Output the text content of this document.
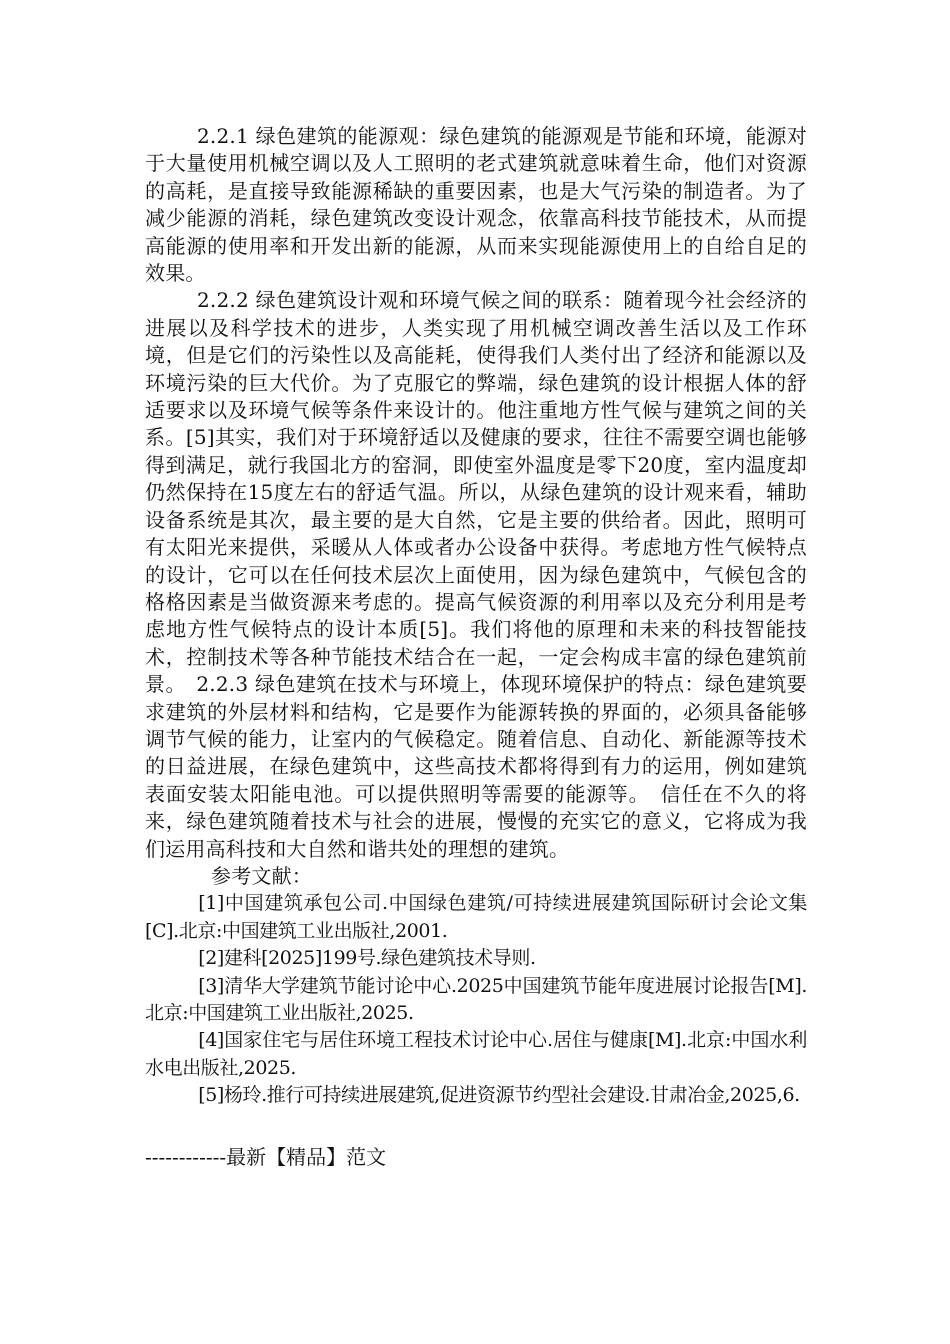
2.2.1 绿色建筑的能源观：绿色建筑的能源观是节能和环境，能源对于大量使用机械空调以及人工照明的老式建筑就意味着生命，他们对资源的高耗，是直接导致能源稀缺的重要因素，也是大气污染的制造者。为了减少能源的消耗，绿色建筑改变设计观念，依靠高科技节能技术，从而提高能源的使用率和开发出新的能源，从而来实现能源使用上的自给自足的效果。

2.2.2 绿色建筑设计观和环境气候之间的联系：随着现今社会经济的进展以及科学技术的进步，人类实现了用机械空调改善生活以及工作环境，但是它们的污染性以及高能耗，使得我们人类付出了经济和能源以及环境污染的巨大代价。为了克服它的弊端，绿色建筑的设计根据人体的舒适要求以及环境气候等条件来设计的。他注重地方性气候与建筑之间的关系。[5]其实，我们对于环境舒适以及健康的要求，往往不需要空调也能够得到满足，就行我国北方的窑洞，即使室外温度是零下20度，室内温度却仍然保持在15度左右的舒适气温。所以，从绿色建筑的设计观来看，辅助设备系统是其次，最主要的是大自然，它是主要的供给者。因此，照明可有太阳光来提供，采暖从人体或者办公设备中获得。考虑地方性气候特点的设计，它可以在任何技术层次上面使用，因为绿色建筑中，气候包含的格格因素是当做资源来考虑的。提高气候资源的利用率以及充分利用是考虑地方性气候特点的设计本质[5]。我们将他的原理和未来的科技智能技术，控制技术等各种节能技术结合在一起，一定会构成丰富的绿色建筑前景。　2.2.3 绿色建筑在技术与环境上，体现环境保护的特点：绿色建筑要求建筑的外层材料和结构，它是要作为能源转换的界面的，必须具备能够调节气候的能力，让室内的气候稳定。随着信息、自动化、新能源等技术的日益进展，在绿色建筑中，这些高技术都将得到有力的运用，例如建筑表面安装太阳能电池。可以提供照明等需要的能源等。　信任在不久的将来，绿色建筑随着技术与社会的进展，慢慢的充实它的意义，它将成为我们运用高科技和大自然和谐共处的理想的建筑。

参考文献：

[1]中国建筑承包公司.中国绿色建筑/可持续进展建筑国际研讨会论文集[C].北京:中国建筑工业出版社,2001.

[2]建科[2025]199号.绿色建筑技术导则.

[3]清华大学建筑节能讨论中心.2025中国建筑节能年度进展讨论报告[M].北京:中国建筑工业出版社,2025.

[4]国家住宅与居住环境工程技术讨论中心.居住与健康[M].北京:中国水利水电出版社,2025.

[5]杨玲.推行可持续进展建筑,促进资源节约型社会建设.甘肃冶金,2025,6.

------------最新【精品】范文
